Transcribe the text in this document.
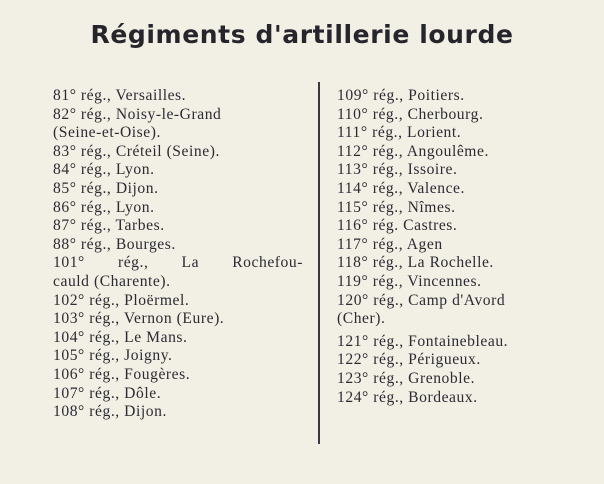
Régiments d'artillerie lourde
81° rég., Versailles.
82° rég., Noisy-le-Grand
(Seine-et-Oise).
83° rég., Créteil (Seine).
84° rég., Lyon.
85° rég., Dijon.
86° rég., Lyon.
87° rég., Tarbes.
88° rég., Bourges.
101° rég., La Rochefou-
cauld (Charente).
102° rég., Ploërmel.
103° rég., Vernon (Eure).
104° rég., Le Mans.
105° rég., Joigny.
106° rég., Fougères.
107° rég., Dôle.
108° rég., Dijon.
109° rég., Poitiers.
110° rég., Cherbourg.
111° rég., Lorient.
112° rég., Angoulême.
113° rég., Issoire.
114° rég., Valence.
115° rég., Nîmes.
116° rég. Castres.
117° rég., Agen
118° rég., La Rochelle.
119° rég., Vincennes.
120° rég., Camp d'Avord
(Cher).
121° rég., Fontainebleau.
122° rég., Périgueux.
123° rég., Grenoble.
124° rég., Bordeaux.
